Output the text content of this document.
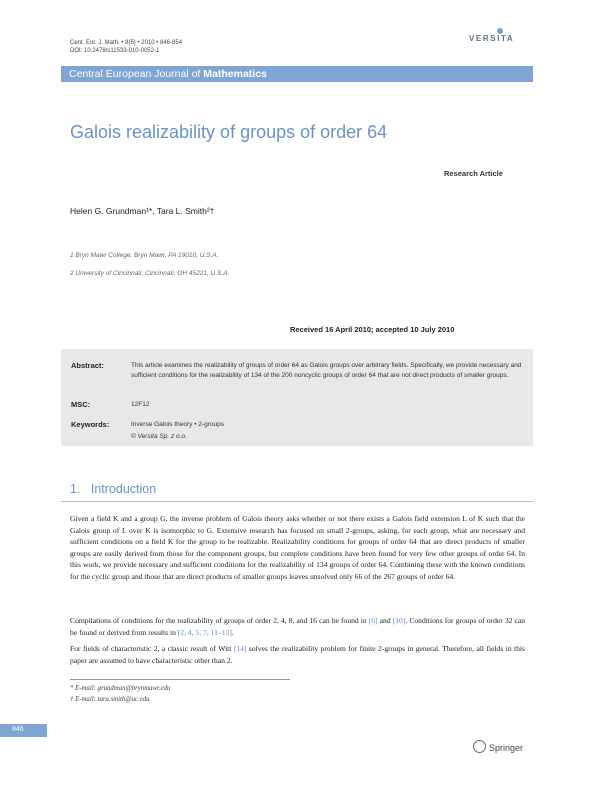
Cent. Eur. J. Math. • 8(5) • 2010 • 846-854
DOI: 10.2478/s11533-010-0052-1
VERSITA
Central European Journal of Mathematics
Galois realizability of groups of order 64
Research Article
Helen G. Grundman¹*, Tara L. Smith²†
1 Bryn Mawr College, Bryn Mawr, PA 19010, U.S.A.
2 University of Cincinnati, Cincinnati, OH 45221, U.S.A.
Received 16 April 2010; accepted 10 July 2010
Abstract:	This article examines the realizability of groups of order 64 as Galois groups over arbitrary fields. Specifically, we provide necessary and sufficient conditions for the realizability of 134 of the 200 noncyclic groups of order 64 that are not direct products of smaller groups.
MSC:	12F12
Keywords:	Inverse Galois theory • 2-groups
© Versita Sp. z o.o.
1. Introduction
Given a field K and a group G, the inverse problem of Galois theory asks whether or not there exists a Galois field extension L of K such that the Galois group of L over K is isomorphic to G. Extensive research has focused on small 2-groups, asking, for each group, what are necessary and sufficient conditions on a field K for the group to be realizable. Realizability conditions for groups of order 64 that are direct products of smaller groups are easily derived from those for the component groups, but complete conditions have been found for very few other groups of order 64. In this work, we provide necessary and sufficient conditions for the realizability of 134 groups of order 64. Combining these with the known conditions for the cyclic group and those that are direct products of smaller groups leaves unsolved only 66 of the 267 groups of order 64.
Compilations of conditions for the realizability of groups of order 2, 4, 8, and 16 can be found in [6] and [10]. Conditions for groups of order 32 can be found or derived from results in [2, 4, 5, 7, 11–13].
For fields of characteristic 2, a classic result of Witt [14] solves the realizability problem for finite 2-groups in general. Therefore, all fields in this paper are assumed to have characteristic other than 2.
* E-mail: grundman@brynmawr.edu
† E-mail: tara.smith@uc.edu
846
Springer
